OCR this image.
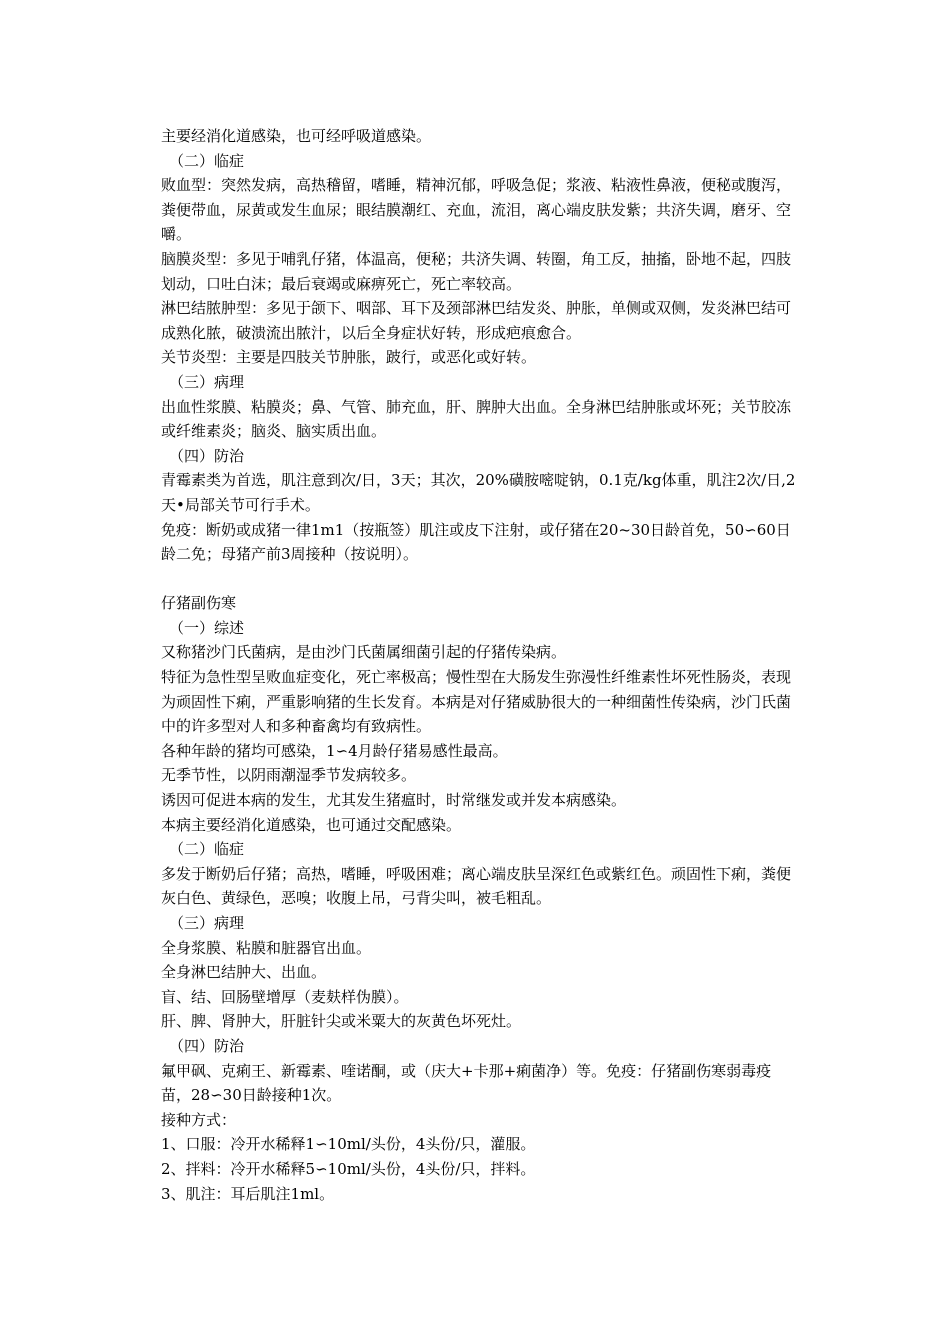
主要经消化道感染，也可经呼吸道感染。

（二）临症

败血型：突然发病，高热稽留，嗜睡，精神沉郁，呼吸急促；浆液、粘液性鼻液，便秘或腹泻，粪便带血，尿黄或发生血尿；眼结膜潮红、充血，流泪，离心端皮肤发紫；共济失调，磨牙、空嚼。

脑膜炎型：多见于哺乳仔猪，体温高，便秘；共济失调、转圈，角工反，抽搐，卧地不起，四肢划动，口吐白沫；最后衰竭或麻痹死亡，死亡率较高。

淋巴结脓肿型：多见于颌下、咽部、耳下及颈部淋巴结发炎、肿胀，单侧或双侧，发炎淋巴结可成熟化脓，破溃流出脓汁，以后全身症状好转，形成疤痕愈合。

关节炎型：主要是四肢关节肿胀，跛行，或恶化或好转。

（三）病理

出血性浆膜、粘膜炎；鼻、气管、肺充血，肝、脾肿大出血。全身淋巴结肿胀或坏死；关节胶冻或纤维素炎；脑炎、脑实质出血。

（四）防治

青霉素类为首选，肌注意到次/日，3天；其次，20%磺胺嘧啶钠，0.1克/kg体重，肌注2次/日,2天•局部关节可行手术。

免疫：断奶或成猪一律1m1（按瓶签）肌注或皮下注射，或仔猪在20~30日龄首免，50∽60日龄二免；母猪产前3周接种（按说明）。

仔猪副伤寒

（一）综述

又称猪沙门氏菌病，是由沙门氏菌属细菌引起的仔猪传染病。

特征为急性型呈败血症变化，死亡率极高；慢性型在大肠发生弥漫性纤维素性坏死性肠炎，表现为顽固性下痢，严重影响猪的生长发育。本病是对仔猪威胁很大的一种细菌性传染病，沙门氏菌中的许多型对人和多种畜禽均有致病性。

各种年龄的猪均可感染，1∽4月龄仔猪易感性最高。

无季节性，以阴雨潮湿季节发病较多。

诱因可促进本病的发生，尤其发生猪瘟时，时常继发或并发本病感染。

本病主要经消化道感染，也可通过交配感染。

（二）临症

多发于断奶后仔猪；高热，嗜睡，呼吸困难；离心端皮肤呈深红色或紫红色。顽固性下痢，粪便灰白色、黄绿色，恶嗅；收腹上吊，弓背尖叫，被毛粗乱。

（三）病理

全身浆膜、粘膜和脏器官出血。

全身淋巴结肿大、出血。

盲、结、回肠壁增厚（麦麸样伪膜）。

肝、脾、肾肿大，肝脏针尖或米粟大的灰黄色坏死灶。

（四）防治

氟甲砜、克痢王、新霉素、喹诺酮，或（庆大+卡那+痢菌净）等。免疫：仔猪副伤寒弱毒疫苗，28∽30日龄接种1次。

接种方式：

1、口服：冷开水稀释1∽10ml/头份，4头份/只，灌服。

2、拌料：冷开水稀释5∽10ml/头份，4头份/只，拌料。

3、肌注：耳后肌注1ml。
